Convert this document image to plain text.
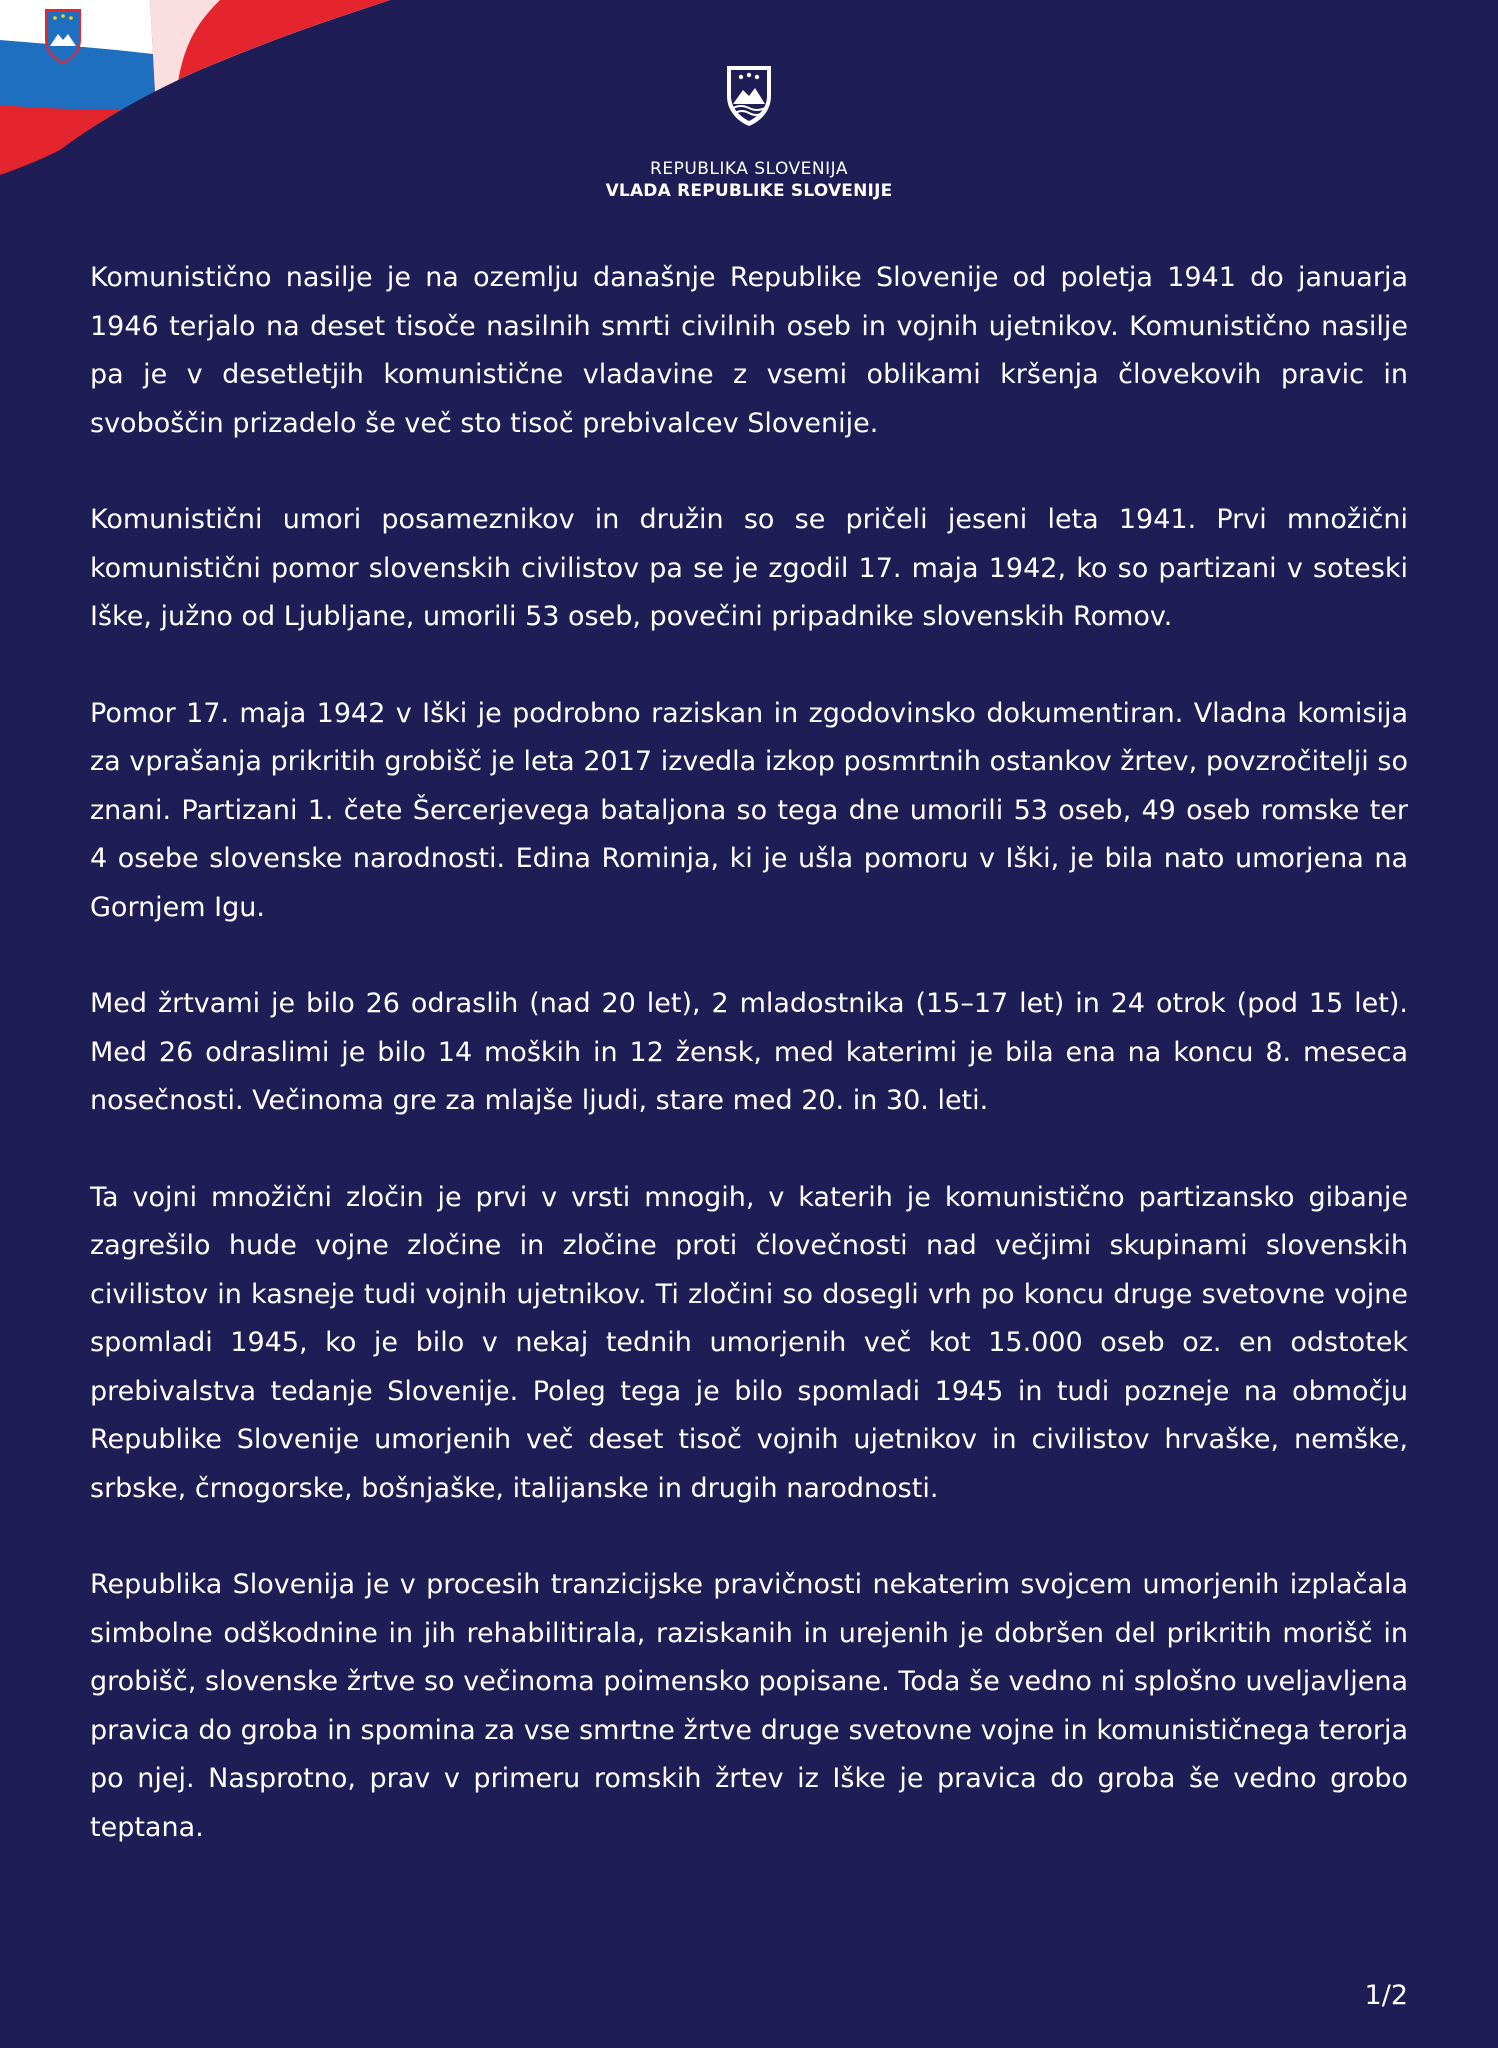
REPUBLIKA SLOVENIJA
VLADA REPUBLIKE SLOVENIJE

Komunistično nasilje je na ozemlju današnje Republike Slovenije od poletja 1941 do januarja 1946 terjalo na deset tisoče nasilnih smrti civilnih oseb in vojnih ujetnikov. Komunistično nasilje pa je v desetletjih komunistične vladavine z vsemi oblikami kršenja človekovih pravic in svoboščin prizadelo še več sto tisoč prebivalcev Slovenije.

Komunistični umori posameznikov in družin so se pričeli jeseni leta 1941. Prvi množični komunistični pomor slovenskih civilistov pa se je zgodil 17. maja 1942, ko so partizani v soteski Iške, južno od Ljubljane, umorili 53 oseb, povečini pripadnike slovenskih Romov.

Pomor 17. maja 1942 v Iški je podrobno raziskan in zgodovinsko dokumentiran. Vladna komisija za vprašanja prikritih grobišč je leta 2017 izvedla izkop posmrtnih ostankov žrtev, povzročitelji so znani. Partizani 1. čete Šercerjevega bataljona so tega dne umorili 53 oseb, 49 oseb romske ter 4 osebe slovenske narodnosti. Edina Rominja, ki je ušla pomoru v Iški, je bila nato umorjena na Gornjem Igu.

Med žrtvami je bilo 26 odraslih (nad 20 let), 2 mladostnika (15–17 let) in 24 otrok (pod 15 let). Med 26 odraslimi je bilo 14 moških in 12 žensk, med katerimi je bila ena na koncu 8. meseca nosečnosti. Večinoma gre za mlajše ljudi, stare med 20. in 30. leti.

Ta vojni množični zločin je prvi v vrsti mnogih, v katerih je komunistično partizansko gibanje zagrešilo hude vojne zločine in zločine proti človečnosti nad večjimi skupinami slovenskih civilistov in kasneje tudi vojnih ujetnikov. Ti zločini so dosegli vrh po koncu druge svetovne vojne spomladi 1945, ko je bilo v nekaj tednih umorjenih več kot 15.000 oseb oz. en odstotek prebivalstva tedanje Slovenije. Poleg tega je bilo spomladi 1945 in tudi pozneje na območju Republike Slovenije umorjenih več deset tisoč vojnih ujetnikov in civilistov hrvaške, nemške, srbske, črnogorske, bošnjaške, italijanske in drugih narodnosti.

Republika Slovenija je v procesih tranzicijske pravičnosti nekaterim svojcem umorjenih izplačala simbolne odškodnine in jih rehabilitirala, raziskanih in urejenih je dobršen del prikritih morišč in grobišč, slovenske žrtve so večinoma poimensko popisane. Toda še vedno ni splošno uveljavljena pravica do groba in spomina za vse smrtne žrtve druge svetovne vojne in komunističnega terorja po njej. Nasprotno, prav v primeru romskih žrtev iz Iške je pravica do groba še vedno grobo teptana.

1/2
